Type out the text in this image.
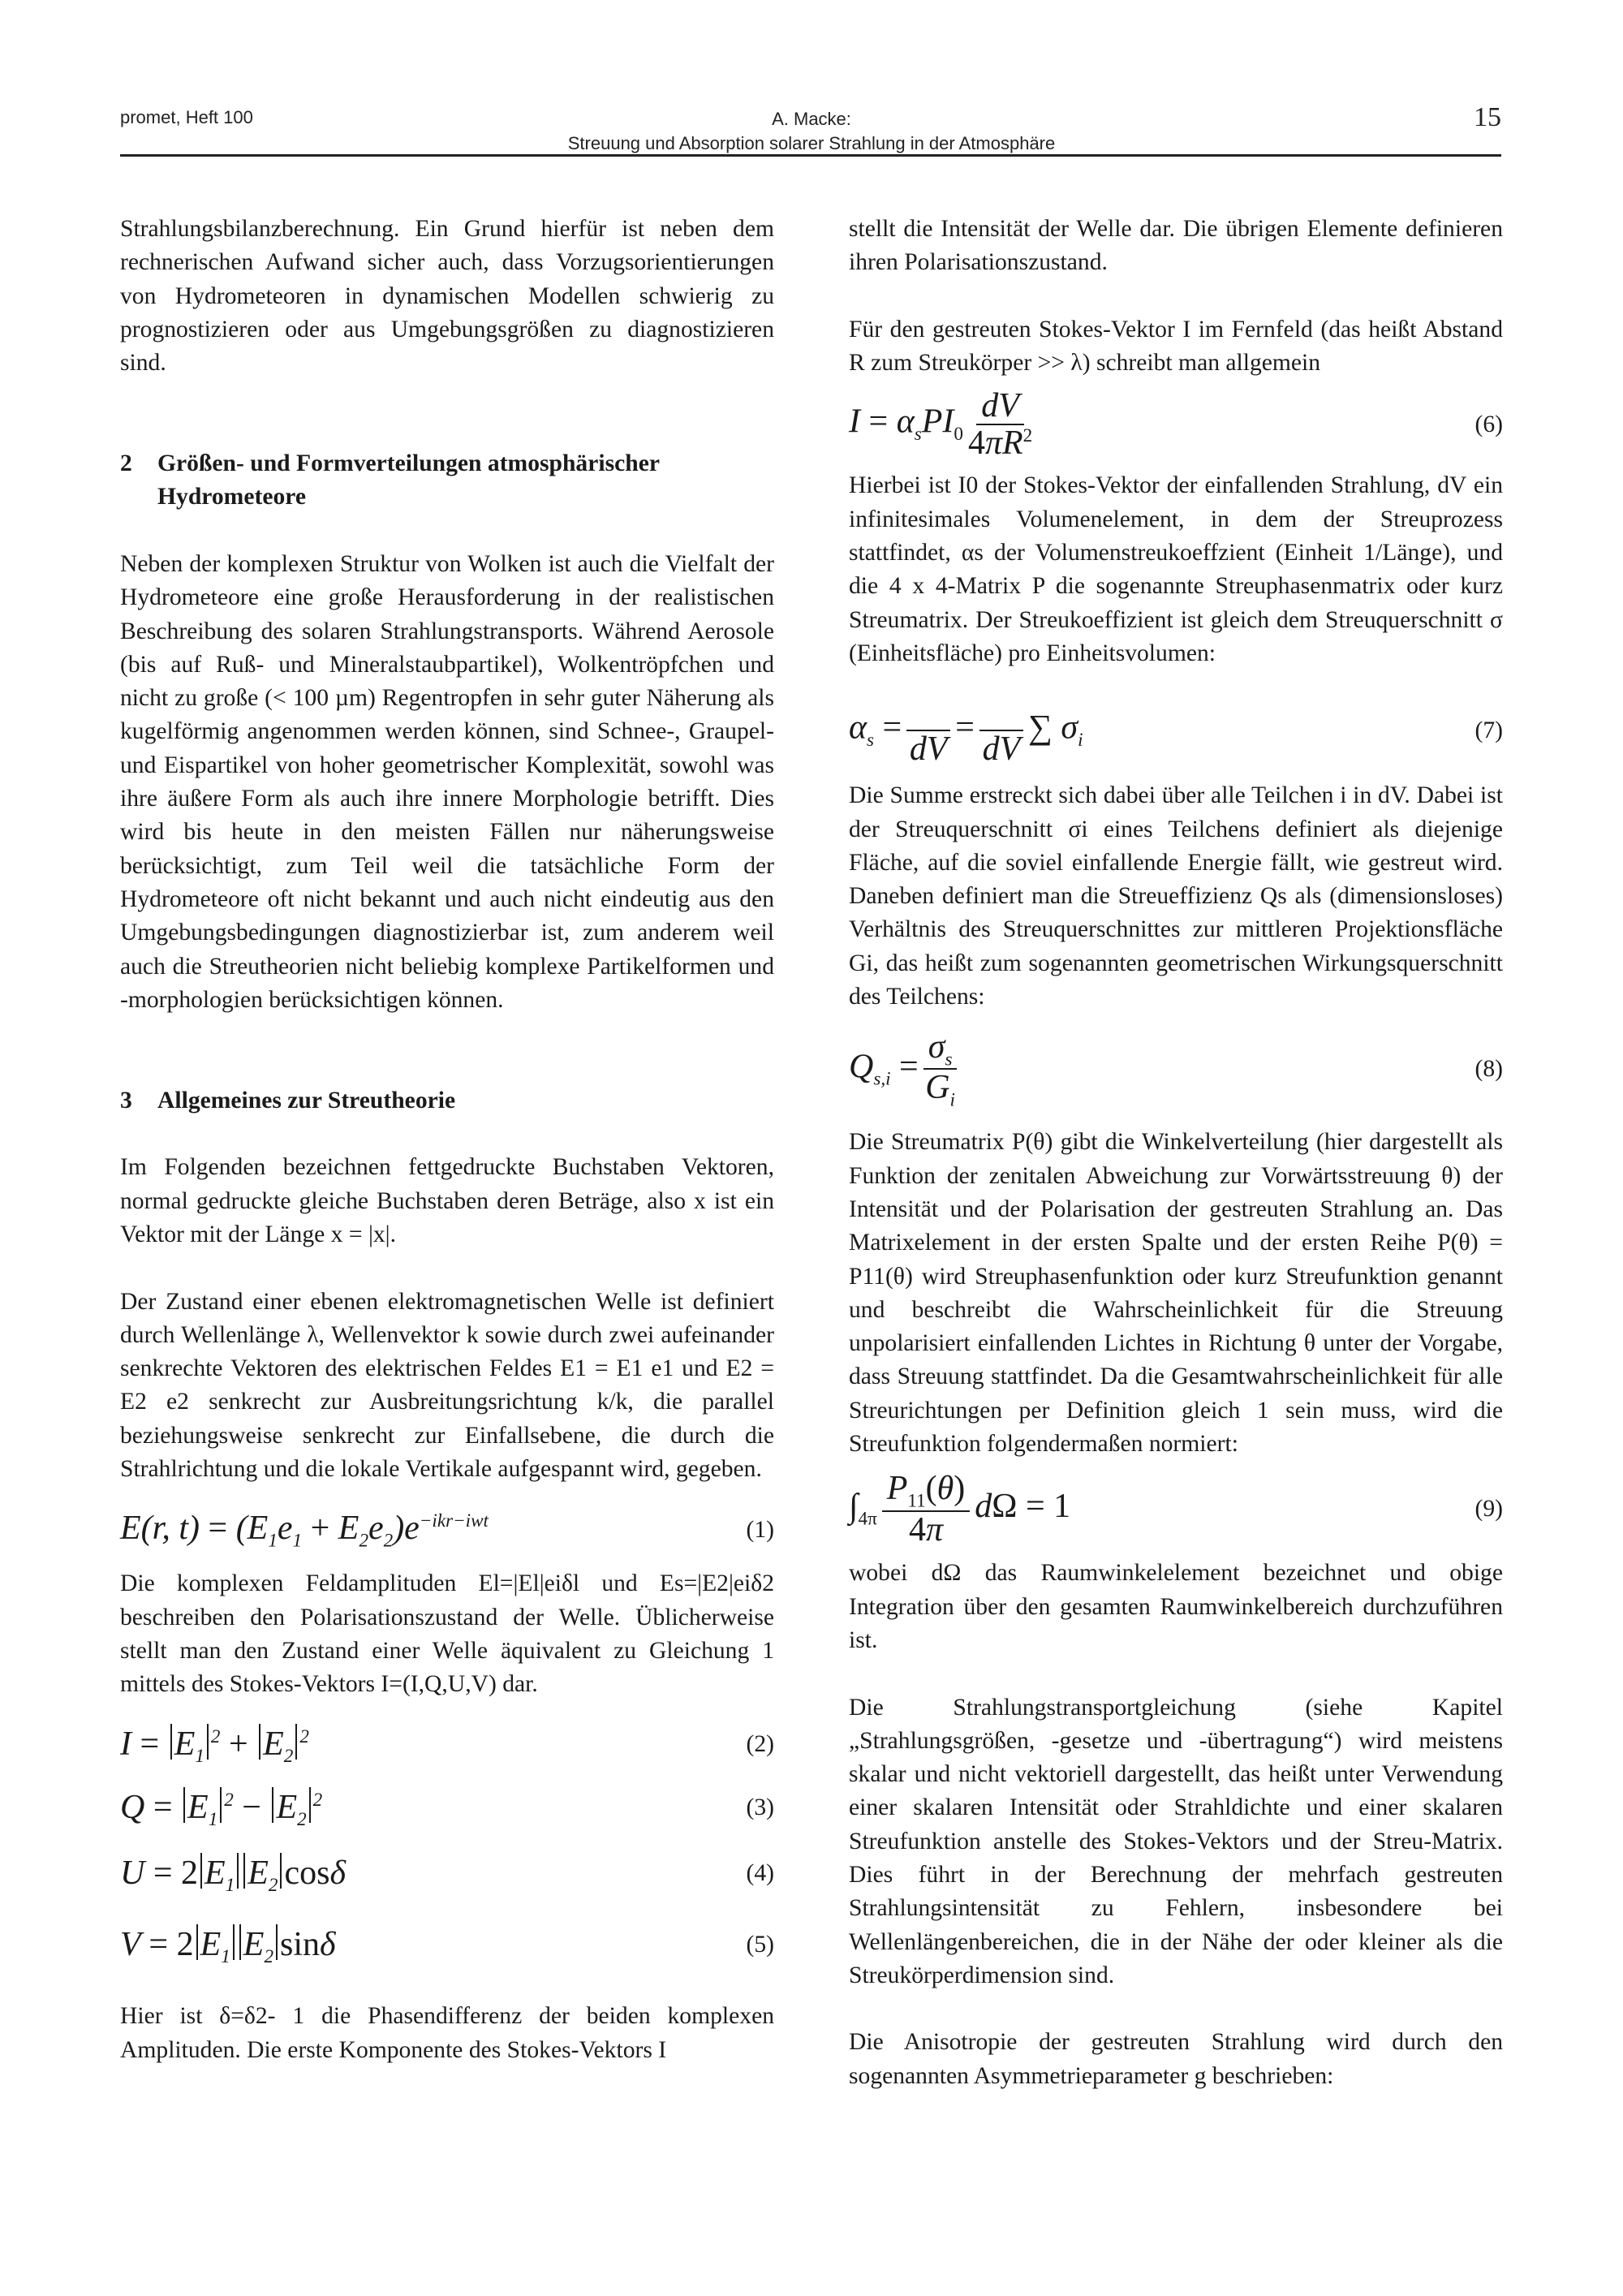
promet, Heft 100	A. Macke:
Streuung und Absorption solarer Strahlung in der Atmosphäre
15

Strahlungsbilanzberechnung. Ein Grund hierfür ist neben dem rechnerischen Aufwand sicher auch, dass Vorzugsorientierungen von Hydrometeoren in dynamischen Modellen schwierig zu prognostizieren oder aus Umgebungsgrößen zu diagnostizieren sind.

2	Größen- und Formverteilungen atmosphärischer Hydrometeore

Neben der komplexen Struktur von Wolken ist auch die Vielfalt der Hydrometeore eine große Herausforderung in der realistischen Beschreibung des solaren Strahlungstransports. Während Aerosole (bis auf Ruß- und Mineralstaubpartikel), Wolkentröpfchen und nicht zu große (< 100 µm) Regentropfen in sehr guter Näherung als kugelförmig angenommen werden können, sind Schnee-, Graupel- und Eispartikel von hoher geometrischer Komplexität, sowohl was ihre äußere Form als auch ihre innere Morphologie betrifft. Dies wird bis heute in den meisten Fällen nur näherungsweise berücksichtigt, zum Teil weil die tatsächliche Form der Hydrometeore oft nicht bekannt und auch nicht eindeutig aus den Umgebungsbedingungen diagnostizierbar ist, zum anderem weil auch die Streutheorien nicht beliebig komplexe Partikelformen und -morphologien berücksichtigen können.

3	Allgemeines zur Streutheorie

Im Folgenden bezeichnen fettgedruckte Buchstaben Vektoren, normal gedruckte gleiche Buchstaben deren Beträge, also x ist ein Vektor mit der Länge x = |x|.

Der Zustand einer ebenen elektromagnetischen Welle ist definiert durch Wellenlänge λ, Wellenvektor k sowie durch zwei aufeinander senkrechte Vektoren des elektrischen Feldes E1 = E1 e1 und E2 = E2 e2 senkrecht zur Ausbreitungsrichtung k/k, die parallel beziehungsweise senkrecht zur Einfallsebene, die durch die Strahlrichtung und die lokale Vertikale aufgespannt wird, gegeben.

E(r, $t) = (E_1e_1 + E_2e_2)e^{-ikr-iwt}$	(1)

Die komplexen Feldamplituden El=|El|eiδl und Es=|E2|eiδ2 beschreiben den Polarisationszustand der Welle. Üblicherweise stellt man den Zustand einer Welle äquivalent zu Gleichung 1 mittels des Stokes-Vektors I=(I,Q,U,V) dar.

$I = E_1^2 + E_2^2$	(2)
$Q = E_1^2 - E_2^2$	(3)
U = 2 $E_1$ $E_2$ cosδ	(4)
V = 2 $E_1$ $E_2$ sinδ	(5)

Hier ist δ=δ2- 1 die Phasendifferenz der beiden komplexen Amplituden. Die erste Komponente des Stokes-Vektors I

stellt die Intensität der Welle dar. Die übrigen Elemente definieren ihren Polarisationszustand.

Für den gestreuten Stokes-Vektor I im Fernfeld (das heißt Abstand R zum Streukörper >> λ) schreibt man allgemein

$I = \alpha_sPI_0 \frac{dV}{4\pi R^2}$	(6)

Hierbei ist I0 der Stokes-Vektor der einfallenden Strahlung, dV ein infinitesimales Volumenelement, in dem der Streuprozess stattfindet, αs der Volumenstreukoeffzient (Einheit 1/Länge), und die 4 x 4-Matrix P die sogenannte Streuphasenmatrix oder kurz Streumatrix. Der Streukoeffizient ist gleich dem Streuquerschnitt σ (Einheitsfläche) pro Einheitsvolumen:

$\alpha_s$ =

dV
=

dV
∑ $\sigma_i$	(7)

Die Summe erstreckt sich dabei über alle Teilchen i in dV. Dabei ist der Streuquerschnitt σi eines Teilchens definiert als diejenige Fläche, auf die soviel einfallende Energie fällt, wie gestreut wird. Daneben definiert man die Streueffizienz Qs als (dimensionsloses) Verhältnis des Streuquerschnittes zur mittleren Projektionsfläche Gi, das heißt zum sogenannten geometrischen Wirkungsquerschnitt des Teilchens:

$Q_{s,i} = \frac{\sigma_s}{G_i}$	(8)

Die Streumatrix P(θ) gibt die Winkelverteilung (hier dargestellt als Funktion der zenitalen Abweichung zur Vorwärtsstreuung θ) der Intensität und der Polarisation der gestreuten Strahlung an. Das Matrixelement in der ersten Spalte und der ersten Reihe P(θ) = P11(θ) wird Streuphasenfunktion oder kurz Streufunktion genannt und beschreibt die Wahrscheinlichkeit für die Streuung unpolarisiert einfallenden Lichtes in Richtung θ unter der Vorgabe, dass Streuung stattfindet. Da die Gesamtwahrscheinlichkeit für alle Streurichtungen per Definition gleich 1 sein muss, wird die Streufunktion folgendermaßen normiert:

$\int_{4\pi} \frac{P_{11}(\theta)}{4\pi}$ dΩ = 1	(9)

wobei dΩ das Raumwinkelelement bezeichnet und obige Integration über den gesamten Raumwinkelbereich durchzuführen ist.

Die Strahlungstransportgleichung (siehe Kapitel „Strahlungsgrößen, -gesetze und -übertragung“) wird meistens skalar und nicht vektoriell dargestellt, das heißt unter Verwendung einer skalaren Intensität oder Strahldichte und einer skalaren Streufunktion anstelle des Stokes-Vektors und der Streu-Matrix. Dies führt in der Berechnung der mehrfach gestreuten Strahlungsintensität zu Fehlern, insbesondere bei Wellenlängenbereichen, die in der Nähe der oder kleiner als die Streukörperdimension sind.

Die Anisotropie der gestreuten Strahlung wird durch den sogenannten Asymmetrieparameter g beschrieben:
